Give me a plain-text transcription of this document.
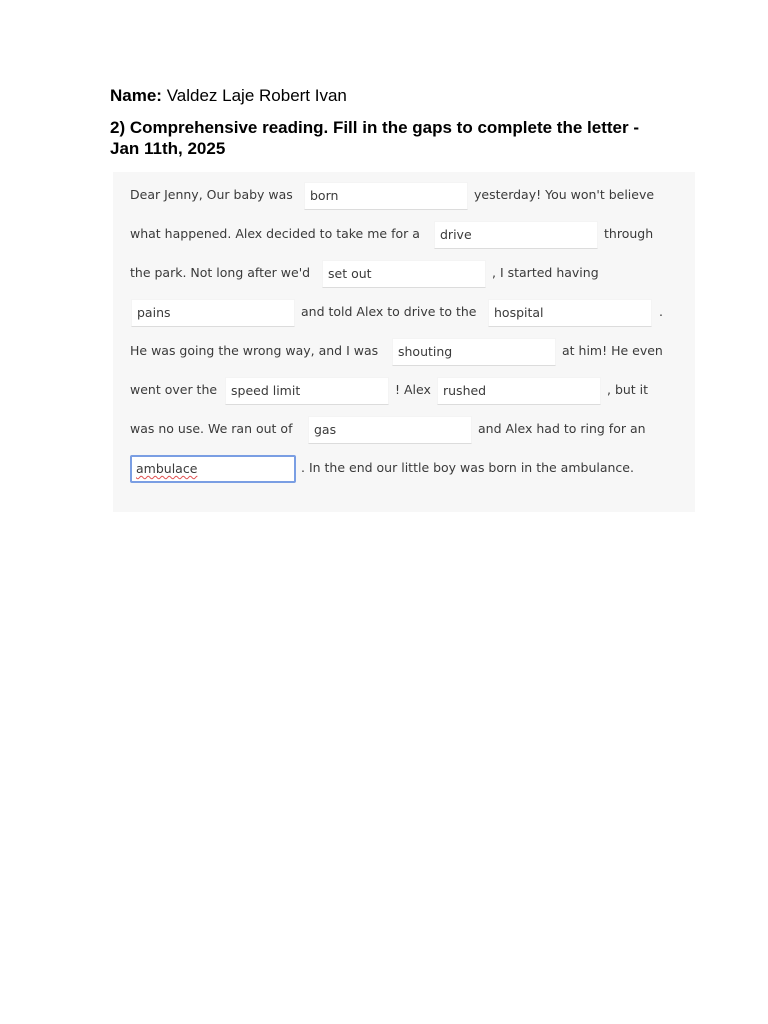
Name: Valdez Laje Robert Ivan
2) Comprehensive reading. Fill in the gaps to complete the letter - Jan 11th, 2025
Dear Jenny, Our baby was	born	yesterday! You won't believe
what happened. Alex decided to take me for a	drive	through
the park. Not long after we'd	set out	, I started having
pains	and told Alex to drive to the	hospital	.
He was going the wrong way, and I was	shouting	at him! He even
went over the	speed limit	! Alex rushed	, but it
was no use. We ran out of	gas	and Alex had to ring for an
ambulace	. In the end our little boy was born in the ambulance.
